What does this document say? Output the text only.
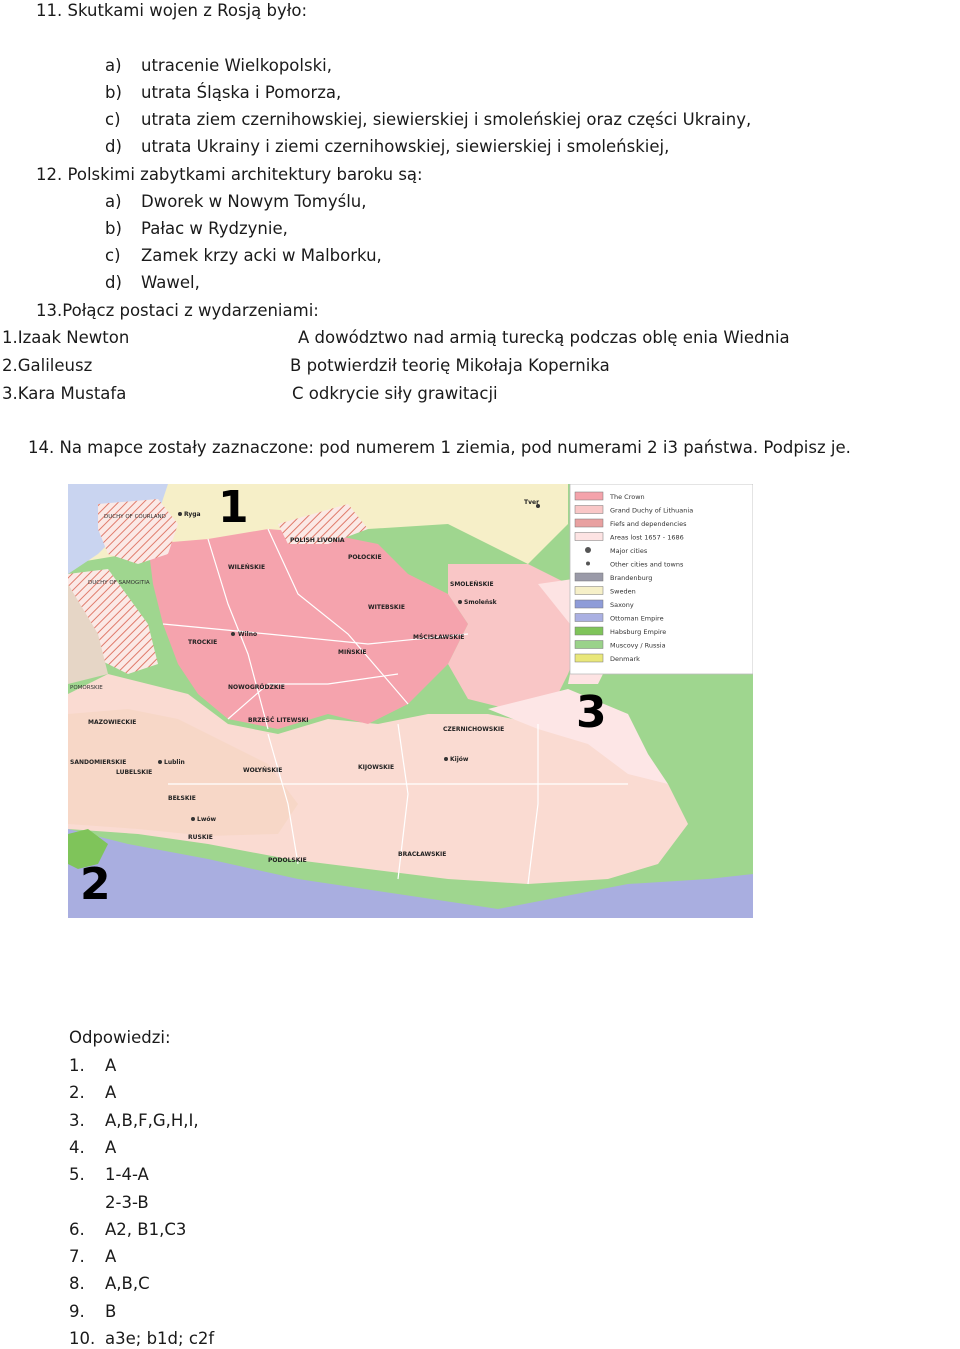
11. Skutkami wojen z Rosją było:
a) utracenie Wielkopolski,
b) utrata Śląska i Pomorza,
c) utrata ziem czernihowskiej, siewierskiej i smoleńskiej oraz części Ukrainy,
d) utrata Ukrainy i ziemi czernihowskiej, siewierskiej i smoleńskiej,
12. Polskimi zabytkami architektury baroku są:
a) Dworek w Nowym Tomyślu,
b) Pałac w Rydzynie,
c) Zamek krzy acki w Malborku,
d) Wawel,
13.Połącz postaci z wydarzeniami:
1.Izaak Newton	A dowództwo nad armią turecką podczas oblę enia Wiednia
2.Galileusz	B potwierdził teorię Mikołaja Kopernika
3.Kara Mustafa	C odkrycie siły grawitacji
14. Na mapce zostały zaznaczone: pod numerem 1 ziemia, pod numerami 2 i3 państwa. Podpisz je.
WILEŃSKIE
WITEBSKIE
POŁOCKIE
TROCKIE
MIŃSKIE
NOWOGRÓDZKIE
BRZEŚĆ LITEWSKI
SMOLEŃSKIE
MŚCISŁAWSKIE
CZERNICHOWSKIE
KIJOWSKIE
WOŁYŃSKIE
BEŁSKIE
RUSKIE
PODOLSKIE
BRACŁAWSKIE
LUBELSKIE
MAZOWIECKIE
SANDOMIERSKIE
POLISH LIVONIA
DUCHY OF COURLAND
DUCHY OF SAMOGITIA
POMORSKIE
Ryga
Wilno
Lublin
Lwów
Kijów
Smoleńsk
Tver
The Crown
Grand Duchy of Lithuania
Fiefs and dependencies
Areas lost 1657 - 1686
Major cities
Other cities and towns
Brandenburg
Sweden
Saxony
Ottoman Empire
Habsburg Empire
Muscovy / Russia
Denmark
1
2
3
Odpowiedzi:
1. A
2. A
3. A,B,F,G,H,I,
4. A
5. 1-4-A
2-3-B
6. A2, B1,C3
7. A
8. A,B,C
9. B
10. a3e; b1d; c2f
